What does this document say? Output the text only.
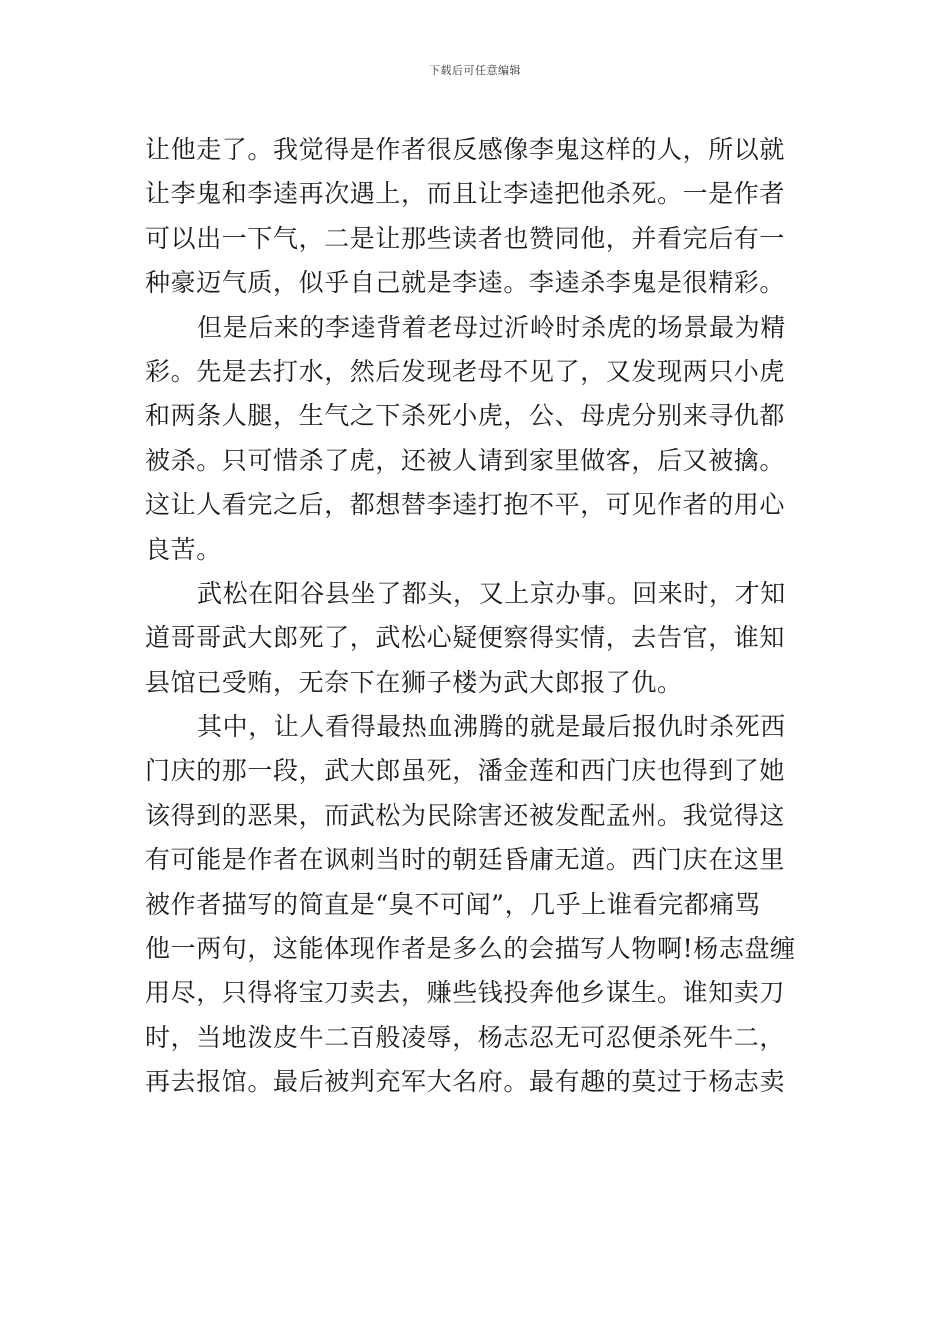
下载后可任意编辑
让他走了。我觉得是作者很反感像李鬼这样的人，所以就
让李鬼和李逵再次遇上，而且让李逵把他杀死。一是作者
可以出一下气，二是让那些读者也赞同他，并看完后有一
种豪迈气质，似乎自己就是李逵。李逵杀李鬼是很精彩。
但是后来的李逵背着老母过沂岭时杀虎的场景最为精
彩。先是去打水，然后发现老母不见了，又发现两只小虎
和两条人腿，生气之下杀死小虎，公、母虎分别来寻仇都
被杀。只可惜杀了虎，还被人请到家里做客，后又被擒。
这让人看完之后，都想替李逵打抱不平，可见作者的用心
良苦。
武松在阳谷县坐了都头，又上京办事。回来时，才知
道哥哥武大郎死了，武松心疑便察得实情，去告官，谁知
县馆已受贿，无奈下在狮子楼为武大郎报了仇。
其中，让人看得最热血沸腾的就是最后报仇时杀死西
门庆的那一段，武大郎虽死，潘金莲和西门庆也得到了她
该得到的恶果，而武松为民除害还被发配孟州。我觉得这
有可能是作者在讽刺当时的朝廷昏庸无道。西门庆在这里
被作者描写的简直是“臭不可闻”，几乎上谁看完都痛骂
他一两句，这能体现作者是多么的会描写人物啊!杨志盘缠
用尽，只得将宝刀卖去，赚些钱投奔他乡谋生。谁知卖刀
时，当地泼皮牛二百般凌辱，杨志忍无可忍便杀死牛二，
再去报馆。最后被判充军大名府。最有趣的莫过于杨志卖
